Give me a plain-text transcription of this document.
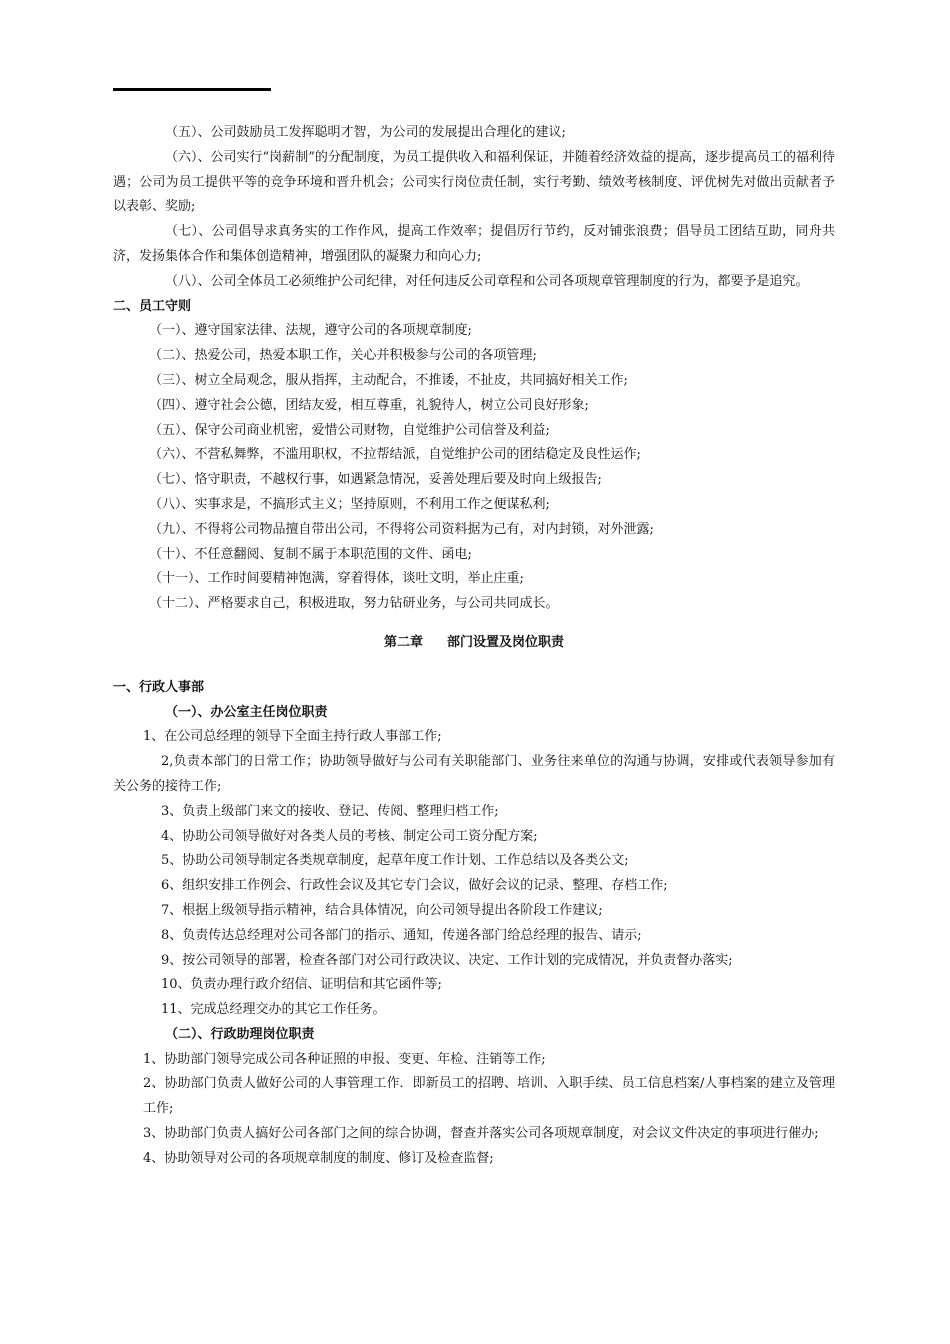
（五）、公司鼓励员工发挥聪明才智，为公司的发展提出合理化的建议;

（六）、公司实行“岗薪制”的分配制度，为员工提供收入和福利保证，并随着经济效益的提高，逐步提高员工的福利待遇；公司为员工提供平等的竞争环境和晋升机会；公司实行岗位责任制，实行考勤、绩效考核制度、评优树先对做出贡献者予以表彰、奖励;

（七）、公司倡导求真务实的工作作风，提高工作效率；提倡厉行节约，反对铺张浪费；倡导员工团结互助，同舟共济，发扬集体合作和集体创造精神，增强团队的凝聚力和向心力;

（八）、公司全体员工必须维护公司纪律，对任何违反公司章程和公司各项规章管理制度的行为，都要予是追究。

二、员工守则

（一）、遵守国家法律、法规，遵守公司的各项规章制度;

（二）、热爱公司，热爱本职工作，关心并积极参与公司的各项管理;

（三）、树立全局观念，服从指挥，主动配合，不推诿，不扯皮，共同搞好相关工作;

（四）、遵守社会公德，团结友爱，相互尊重，礼貌待人，树立公司良好形象;

（五）、保守公司商业机密，爱惜公司财物，自觉维护公司信誉及利益;

（六）、不营私舞弊，不滥用职权，不拉帮结派，自觉维护公司的团结稳定及良性运作;

（七）、恪守职责，不越权行事，如遇紧急情况，妥善处理后要及时向上级报告;

（八）、实事求是，不搞形式主义；坚持原则，不利用工作之便谋私利;

（九）、不得将公司物品擅自带出公司，不得将公司资料据为己有，对内封锁，对外泄露;

（十）、不任意翻阅、复制不属于本职范围的文件、函电;

（十一）、工作时间要精神饱满，穿着得体，谈吐文明，举止庄重;

（十二）、严格要求自己，积极进取，努力钻研业务，与公司共同成长。

第二章 部门设置及岗位职责

一、行政人事部

（一）、办公室主任岗位职责

1、在公司总经理的领导下全面主持行政人事部工作;

2,负责本部门的日常工作；协助领导做好与公司有关职能部门、业务往来单位的沟通与协调，安排或代表领导参加有关公务的接待工作;

3、负责上级部门来文的接收、登记、传阅、整理归档工作;

4、协助公司领导做好对各类人员的考核、制定公司工资分配方案;

5、协助公司领导制定各类规章制度，起草年度工作计划、工作总结以及各类公文;

6、组织安排工作例会、行政性会议及其它专门会议，做好会议的记录、整理、存档工作;

7、根据上级领导指示精神，结合具体情况，向公司领导提出各阶段工作建议;

8、负责传达总经理对公司各部门的指示、通知，传递各部门给总经理的报告、请示;

9、按公司领导的部署，检查各部门对公司行政决议、决定、工作计划的完成情况，并负责督办落实;

10、负责办理行政介绍信、证明信和其它函件等;

11、完成总经理交办的其它工作任务。

（二）、行政助理岗位职责

1、协助部门领导完成公司各种证照的申报、变更、年检、注销等工作;

2、协助部门负责人做好公司的人事管理工作．即新员工的招聘、培训、入职手续、员工信息档案/人事档案的建立及管理工作;

3、协助部门负责人搞好公司各部门之间的综合协调，督查并落实公司各项规章制度，对会议文件决定的事项进行催办;

4、协助领导对公司的各项规章制度的制度、修订及检查监督;
